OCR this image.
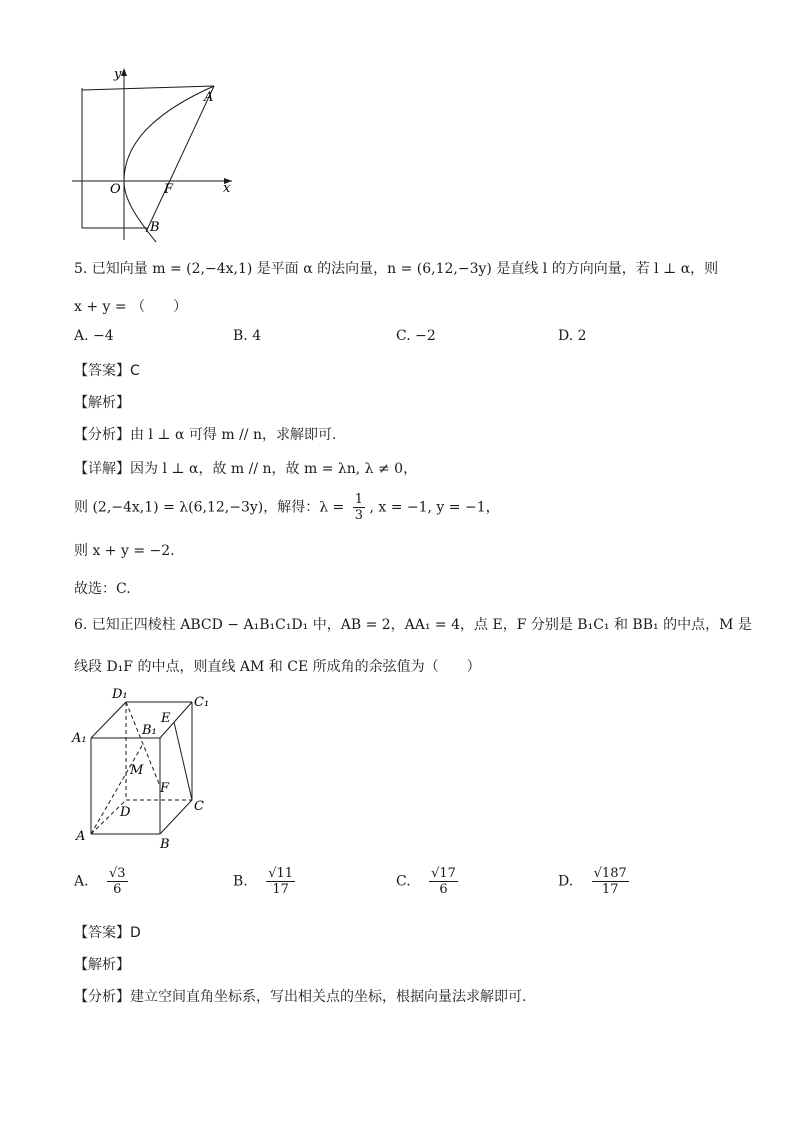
y
x
A
O	F
B
5. 已知向量 m = (2,−4x,1) 是平面 α 的法向量，n = (6,12,−3y) 是直线 l 的方向向量，若 l ⊥ α，则
x + y = （　　）
A. −4	B. 4	C. −2	D. 2
【答案】C
【解析】
【分析】由 l ⊥ α 可得 m // n，求解即可.
【详解】因为 l ⊥ α，故 m // n，故 m = λn, λ ≠ 0，
则 (2,−4x,1) = λ(6,12,−3y)，解得：$\lambda = \frac{1}{3}$ , x = −1, y = −1，
则 x + y = −2.
故选：C.
6. 已知正四棱柱 ABCD − A₁B₁C₁D₁ 中，AB = 2，AA₁ = 4，点 E，F 分别是 B₁C₁ 和 BB₁ 的中点，M 是
线段 D₁F 的中点，则直线 AM 和 CE 所成角的余弦值为（　　）
D₁
C₁
E
B₁
A₁
M
F
D	C
A
B
A. $\frac{√3}{6}$	B. $\frac{√11}{17}$	C. $\frac{√17}{6}$	D. $\frac{√187}{17}$
【答案】D
【解析】
【分析】建立空间直角坐标系，写出相关点的坐标，根据向量法求解即可.
